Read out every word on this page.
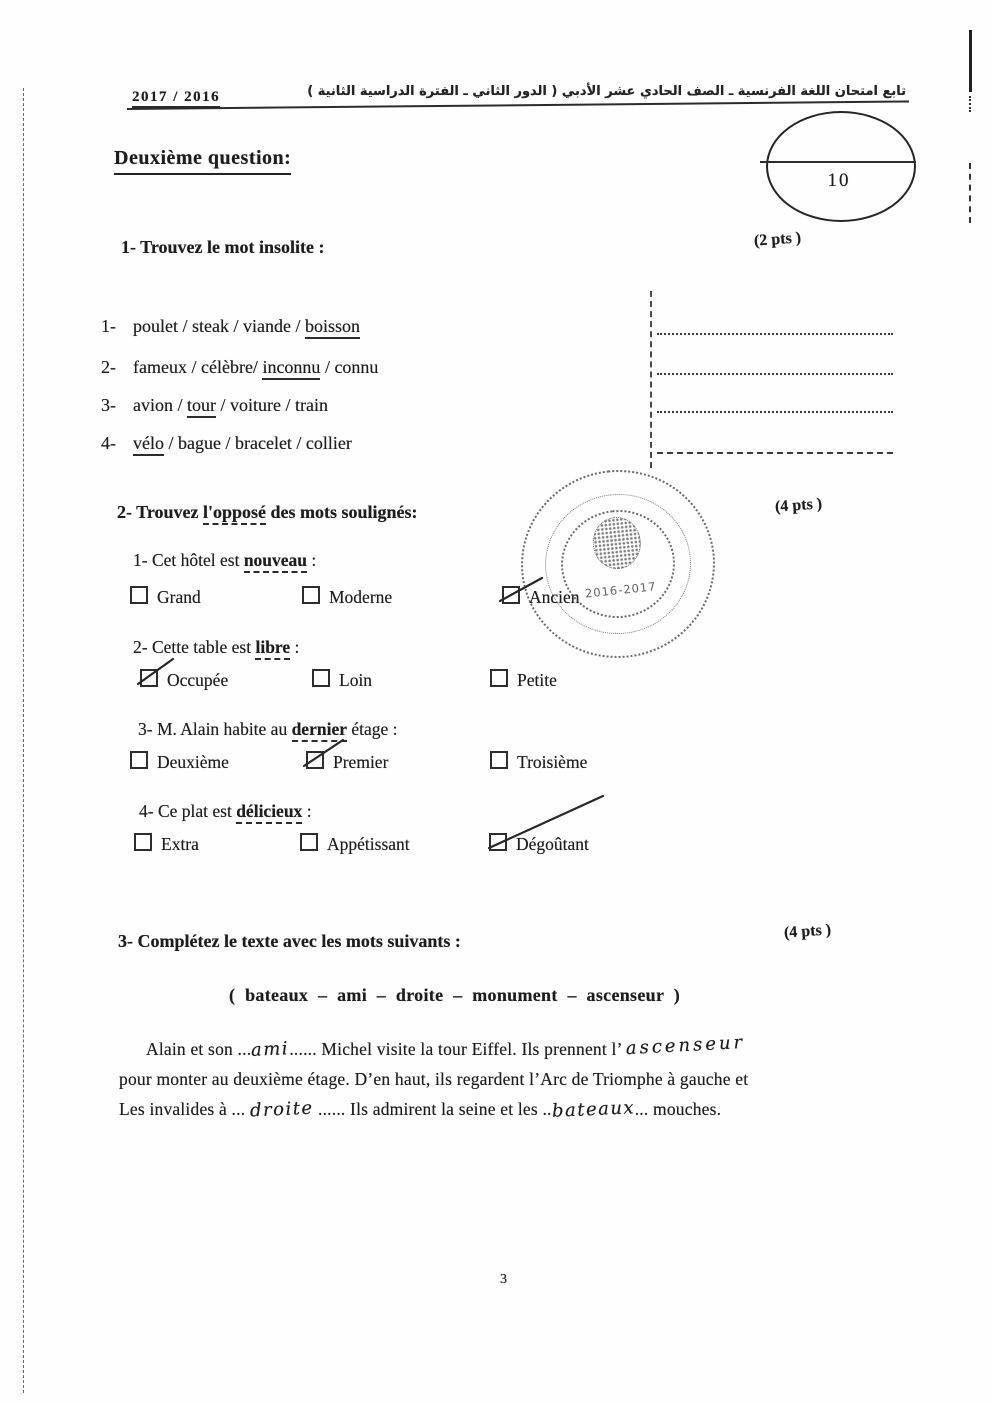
تابع امتحان اللغة الفرنسية ـ الصف الحادي عشر الأدبي ( الدور الثاني ـ الفترة الدراسية الثانية )
2017 / 2016
10
Deuxième question:
1- Trouvez le mot insolite :	(2 pts )
1- poulet / steak / viande / boisson
2- fameux / célèbre/ inconnu / connu
3- avion / tour / voiture / train
4- vélo / bague / bracelet / collier
2- Trouvez l'opposé des mots soulignés:	(4 pts )
1- Cet hôtel est nouveau :
Grand	Moderne	Ancien
2- Cette table est libre :
Occupée	Loin	Petite
3- M. Alain habite au dernier étage :
Deuxième	Premier	Troisième
4- Ce plat est délicieux :
Extra	Appétissant	Dégoûtant
2016-2017
3- Complétez le texte avec les mots suivants :	(4 pts )
( bateaux – ami – droite – monument – ascenseur )
Alain et son ...ami...... Michel visite la tour Eiffel. Ils prennent l’ ascenseur
pour monter au deuxième étage. D’en haut, ils regardent l’Arc de Triomphe à gauche et
Les invalides à ... droite ...... Ils admirent la seine et les ..bateaux... mouches.
3
